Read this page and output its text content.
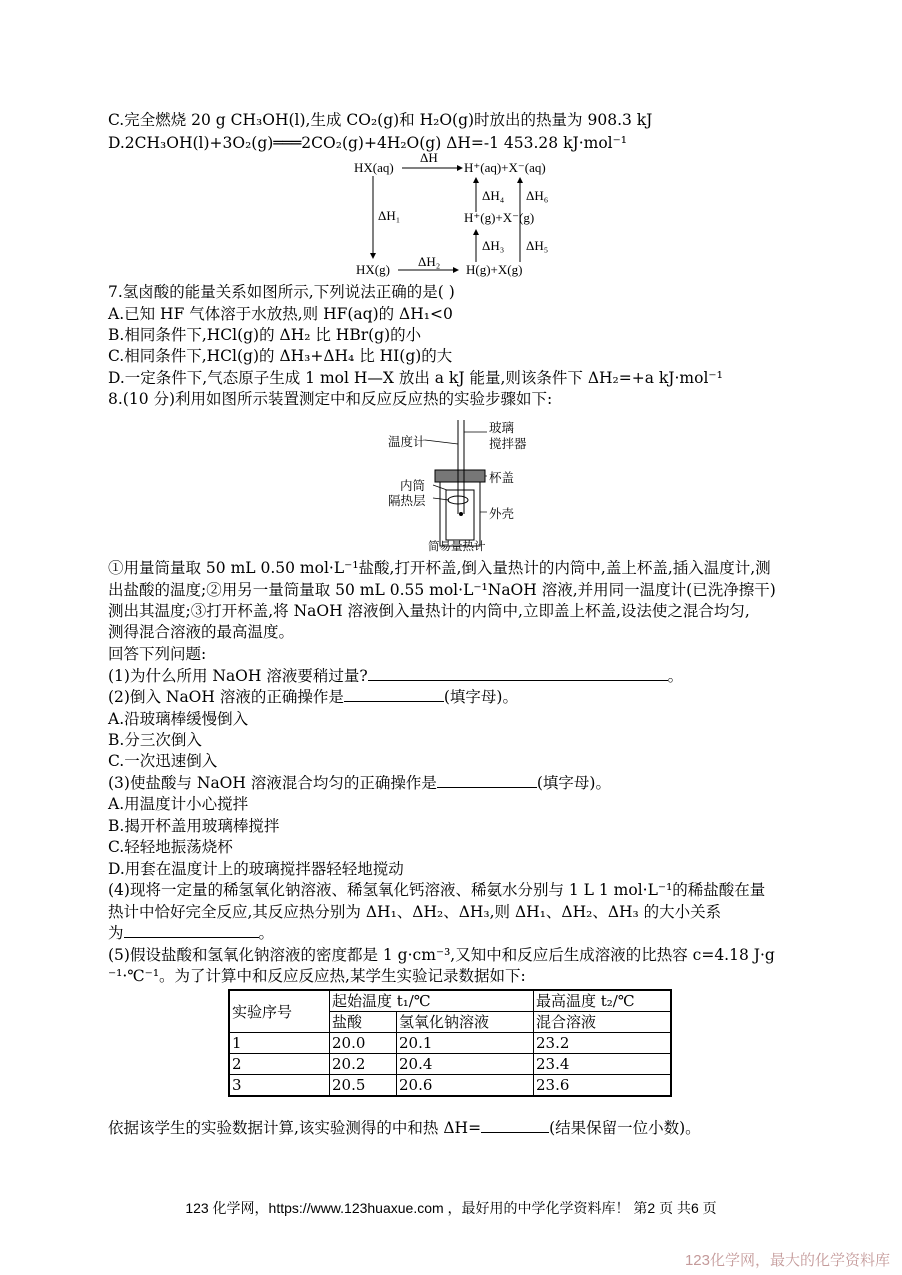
C.完全燃烧 20 g CH₃OH(l),生成 CO₂(g)和 H₂O(g)时放出的热量为 908.3 kJ
D.2CH₃OH(l)+3O₂(g)═══2CO₂(g)+4H₂O(g) ΔH=-1 453.28 kJ·mol⁻¹
HX(aq)
ΔH
H⁺(aq)+X⁻(aq)
ΔH₁
ΔH₄ ΔH₆
H⁺(g)+X⁻(g)
ΔH₃ ΔH₅
ΔH₂
HX(g)	H(g)+X(g)
7.氢卤酸的能量关系如图所示,下列说法正确的是( )
A.已知 HF 气体溶于水放热,则 HF(aq)的 ΔH₁<0
B.相同条件下,HCl(g)的 ΔH₂ 比 HBr(g)的小
C.相同条件下,HCl(g)的 ΔH₃+ΔH₄ 比 HI(g)的大
D.一定条件下,气态原子生成 1 mol H—X 放出 a kJ 能量,则该条件下 ΔH₂=+a kJ·mol⁻¹
8.(10 分)利用如图所示装置测定中和反应反应热的实验步骤如下:
温度计
玻璃
搅拌器
杯盖
内筒
隔热层
外壳
简易量热计
①用量筒量取 50 mL 0.50 mol·L⁻¹盐酸,打开杯盖,倒入量热计的内筒中,盖上杯盖,插入温度计,测
出盐酸的温度;②用另一量筒量取 50 mL 0.55 mol·L⁻¹NaOH 溶液,并用同一温度计(已洗净擦干)
测出其温度;③打开杯盖,将 NaOH 溶液倒入量热计的内筒中,立即盖上杯盖,设法使之混合均匀,
测得混合溶液的最高温度。
回答下列问题:
(1)为什么所用 NaOH 溶液要稍过量?	。
(2)倒入 NaOH 溶液的正确操作是	(填字母)。
A.沿玻璃棒缓慢倒入
B.分三次倒入
C.一次迅速倒入
(3)使盐酸与 NaOH 溶液混合均匀的正确操作是	(填字母)。
A.用温度计小心搅拌
B.揭开杯盖用玻璃棒搅拌
C.轻轻地振荡烧杯
D.用套在温度计上的玻璃搅拌器轻轻地搅动
(4)现将一定量的稀氢氧化钠溶液、稀氢氧化钙溶液、稀氨水分别与 1 L 1 mol·L⁻¹的稀盐酸在量
热计中恰好完全反应,其反应热分别为 ΔH₁、ΔH₂、ΔH₃,则 ΔH₁、ΔH₂、ΔH₃ 的大小关系
为	。
(5)假设盐酸和氢氧化钠溶液的密度都是 1 g·cm⁻³,又知中和反应后生成溶液的比热容 c=4.18 J·g
⁻¹·℃⁻¹。为了计算中和反应反应热,某学生实验记录数据如下:
实验序号	起始温度 t₁/℃		最高温度 t₂/℃
	盐酸	氢氧化钠溶液	混合溶液
1	20.0	20.1	23.2
2	20.2	20.4	23.4
3	20.5	20.6	23.6
依据该学生的实验数据计算,该实验测得的中和热 ΔH=	(结果保留一位小数)。
123 化学网，https://www.123huaxue.com ，最好用的中学化学资料库！ 第2 页 共6 页
123化学网，最大的化学资料库
